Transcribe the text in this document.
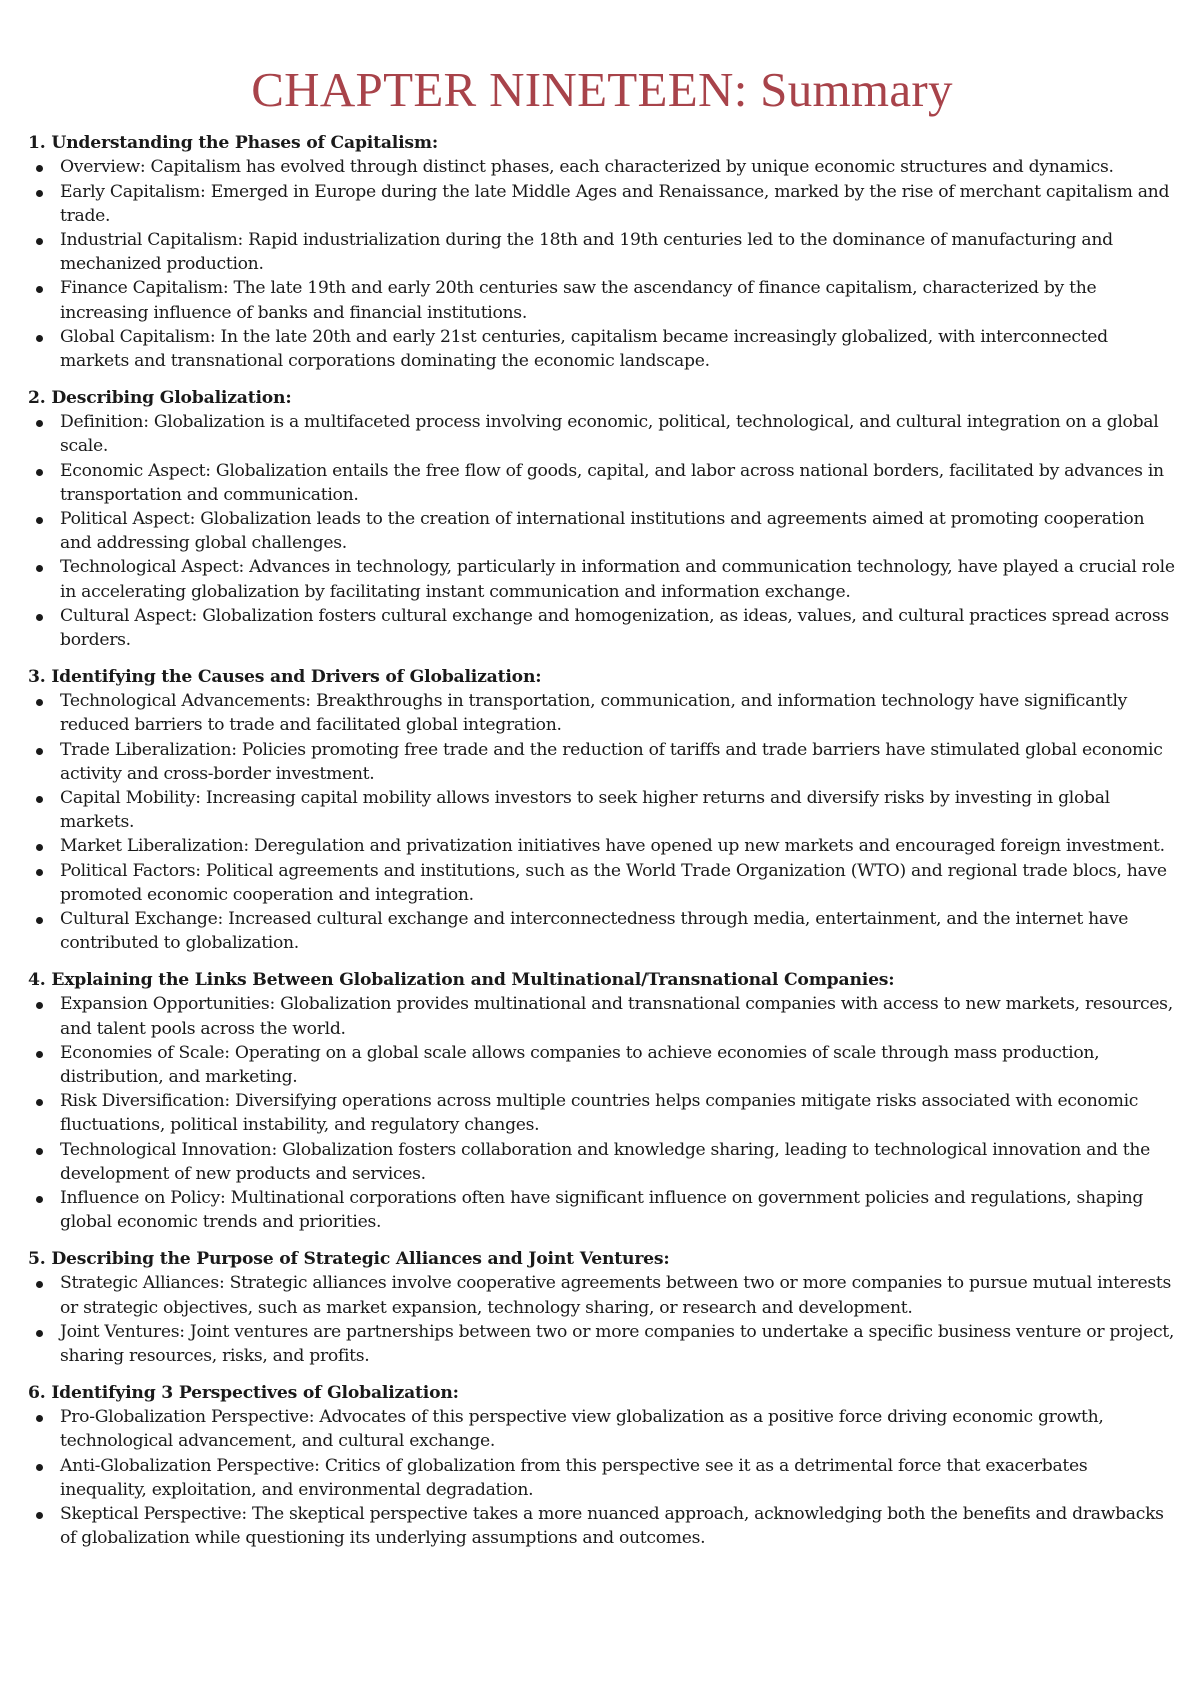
CHAPTER NINETEEN: Summary
1. Understanding the Phases of Capitalism:
Overview: Capitalism has evolved through distinct phases, each characterized by unique economic structures and dynamics.
Early Capitalism: Emerged in Europe during the late Middle Ages and Renaissance, marked by the rise of merchant capitalism and trade.
Industrial Capitalism: Rapid industrialization during the 18th and 19th centuries led to the dominance of manufacturing and mechanized production.
Finance Capitalism: The late 19th and early 20th centuries saw the ascendancy of finance capitalism, characterized by the increasing influence of banks and financial institutions.
Global Capitalism: In the late 20th and early 21st centuries, capitalism became increasingly globalized, with interconnected markets and transnational corporations dominating the economic landscape.
2. Describing Globalization:
Definition: Globalization is a multifaceted process involving economic, political, technological, and cultural integration on a global scale.
Economic Aspect: Globalization entails the free flow of goods, capital, and labor across national borders, facilitated by advances in transportation and communication.
Political Aspect: Globalization leads to the creation of international institutions and agreements aimed at promoting cooperation and addressing global challenges.
Technological Aspect: Advances in technology, particularly in information and communication technology, have played a crucial role in accelerating globalization by facilitating instant communication and information exchange.
Cultural Aspect: Globalization fosters cultural exchange and homogenization, as ideas, values, and cultural practices spread across borders.
3. Identifying the Causes and Drivers of Globalization:
Technological Advancements: Breakthroughs in transportation, communication, and information technology have significantly reduced barriers to trade and facilitated global integration.
Trade Liberalization: Policies promoting free trade and the reduction of tariffs and trade barriers have stimulated global economic activity and cross-border investment.
Capital Mobility: Increasing capital mobility allows investors to seek higher returns and diversify risks by investing in global markets.
Market Liberalization: Deregulation and privatization initiatives have opened up new markets and encouraged foreign investment.
Political Factors: Political agreements and institutions, such as the World Trade Organization (WTO) and regional trade blocs, have promoted economic cooperation and integration.
Cultural Exchange: Increased cultural exchange and interconnectedness through media, entertainment, and the internet have contributed to globalization.
4. Explaining the Links Between Globalization and Multinational/Transnational Companies:
Expansion Opportunities: Globalization provides multinational and transnational companies with access to new markets, resources, and talent pools across the world.
Economies of Scale: Operating on a global scale allows companies to achieve economies of scale through mass production, distribution, and marketing.
Risk Diversification: Diversifying operations across multiple countries helps companies mitigate risks associated with economic fluctuations, political instability, and regulatory changes.
Technological Innovation: Globalization fosters collaboration and knowledge sharing, leading to technological innovation and the development of new products and services.
Influence on Policy: Multinational corporations often have significant influence on government policies and regulations, shaping global economic trends and priorities.
5. Describing the Purpose of Strategic Alliances and Joint Ventures:
Strategic Alliances: Strategic alliances involve cooperative agreements between two or more companies to pursue mutual interests or strategic objectives, such as market expansion, technology sharing, or research and development.
Joint Ventures: Joint ventures are partnerships between two or more companies to undertake a specific business venture or project, sharing resources, risks, and profits.
6. Identifying 3 Perspectives of Globalization:
Pro-Globalization Perspective: Advocates of this perspective view globalization as a positive force driving economic growth, technological advancement, and cultural exchange.
Anti-Globalization Perspective: Critics of globalization from this perspective see it as a detrimental force that exacerbates inequality, exploitation, and environmental degradation.
Skeptical Perspective: The skeptical perspective takes a more nuanced approach, acknowledging both the benefits and drawbacks of globalization while questioning its underlying assumptions and outcomes.
